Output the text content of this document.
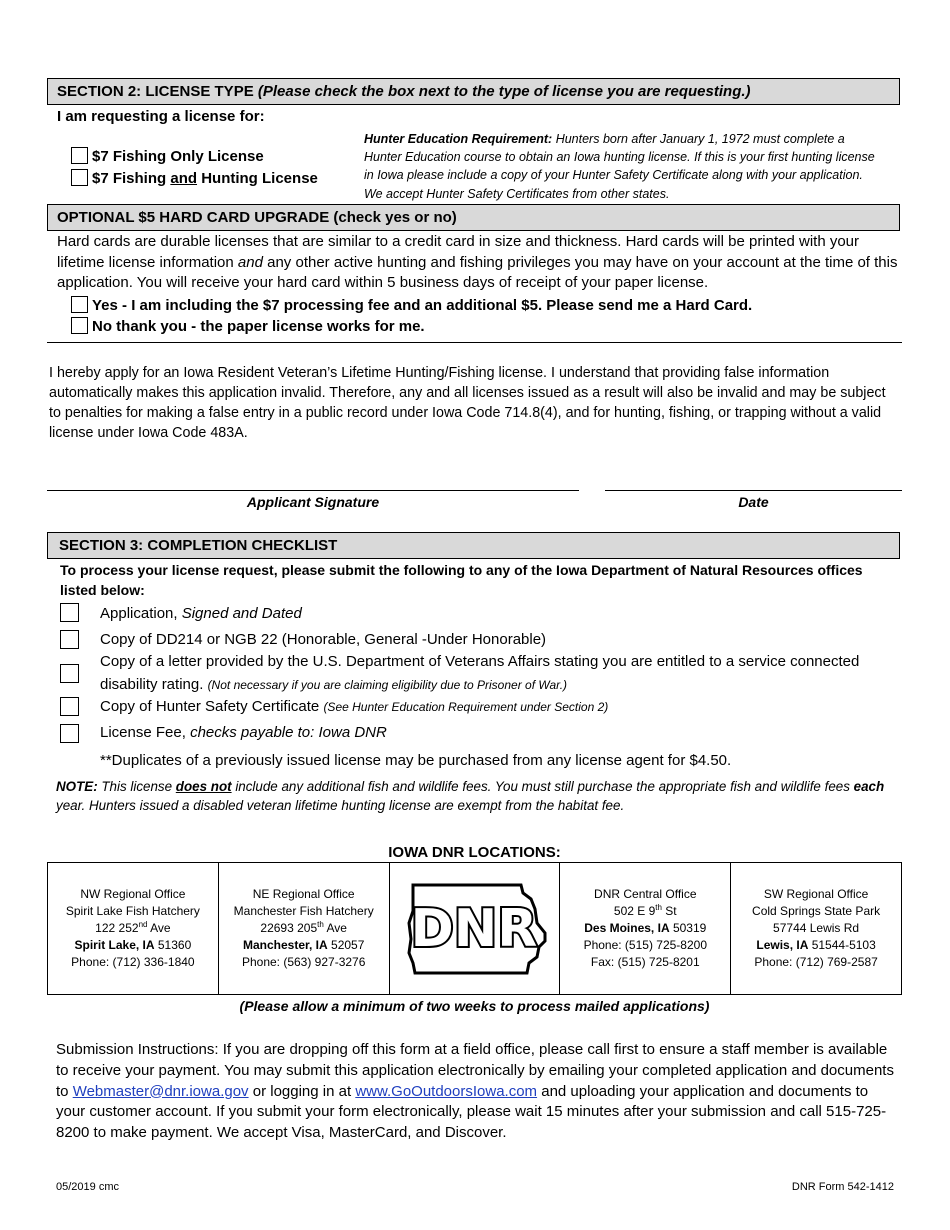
SECTION 2: LICENSE TYPE (Please check the box next to the type of license you are requesting.)
I am requesting a license for:
$7 Fishing Only License
$7 Fishing and Hunting License
Hunter Education Requirement: Hunters born after January 1, 1972 must complete a Hunter Education course to obtain an Iowa hunting license. If this is your first hunting license in Iowa please include a copy of your Hunter Safety Certificate along with your application. We accept Hunter Safety Certificates from other states.
OPTIONAL $5 HARD CARD UPGRADE (check yes or no)
Hard cards are durable licenses that are similar to a credit card in size and thickness. Hard cards will be printed with your lifetime license information and any other active hunting and fishing privileges you may have on your account at the time of this application. You will receive your hard card within 5 business days of receipt of your paper license.
Yes - I am including the $7 processing fee and an additional $5. Please send me a Hard Card.
No thank you - the paper license works for me.
I hereby apply for an Iowa Resident Veteran’s Lifetime Hunting/Fishing license. I understand that providing false information automatically makes this application invalid. Therefore, any and all licenses issued as a result will also be invalid and may be subject to penalties for making a false entry in a public record under Iowa Code 714.8(4), and for hunting, fishing, or trapping without a valid license under Iowa Code 483A.
Applicant Signature	Date
SECTION 3: COMPLETION CHECKLIST
To process your license request, please submit the following to any of the Iowa Department of Natural Resources offices listed below:
Application, Signed and Dated
Copy of DD214 or NGB 22 (Honorable, General -Under Honorable)
Copy of a letter provided by the U.S. Department of Veterans Affairs stating you are entitled to a service connected
disability rating. (Not necessary if you are claiming eligibility due to Prisoner of War.)
Copy of Hunter Safety Certificate (See Hunter Education Requirement under Section 2)
License Fee, checks payable to: Iowa DNR
**Duplicates of a previously issued license may be purchased from any license agent for $4.50.
NOTE: This license does not include any additional fish and wildlife fees. You must still purchase the appropriate fish and wildlife fees each year. Hunters issued a disabled veteran lifetime hunting license are exempt from the habitat fee.
IOWA DNR LOCATIONS:
NW Regional Office
Spirit Lake Fish Hatchery
122 252nd Ave
Spirit Lake, IA 51360
Phone: (712) 336-1840
NE Regional Office
Manchester Fish Hatchery
22693 205th Ave
Manchester, IA 52057
Phone: (563) 927-3276
DNR
DNR Central Office
502 E 9th St
Des Moines, IA 50319
Phone: (515) 725-8200
Fax: (515) 725-8201
SW Regional Office
Cold Springs State Park
57744 Lewis Rd
Lewis, IA 51544-5103
Phone: (712) 769-2587
(Please allow a minimum of two weeks to process mailed applications)
Submission Instructions: If you are dropping off this form at a field office, please call first to ensure a staff member is available to receive your payment. You may submit this application electronically by emailing your completed application and documents to Webmaster@dnr.iowa.gov or logging in at www.GoOutdoorsIowa.com and uploading your application and documents to your customer account. If you submit your form electronically, please wait 15 minutes after your submission and call 515-725-8200 to make payment. We accept Visa, MasterCard, and Discover.
05/2019 cmc	DNR Form 542-1412
